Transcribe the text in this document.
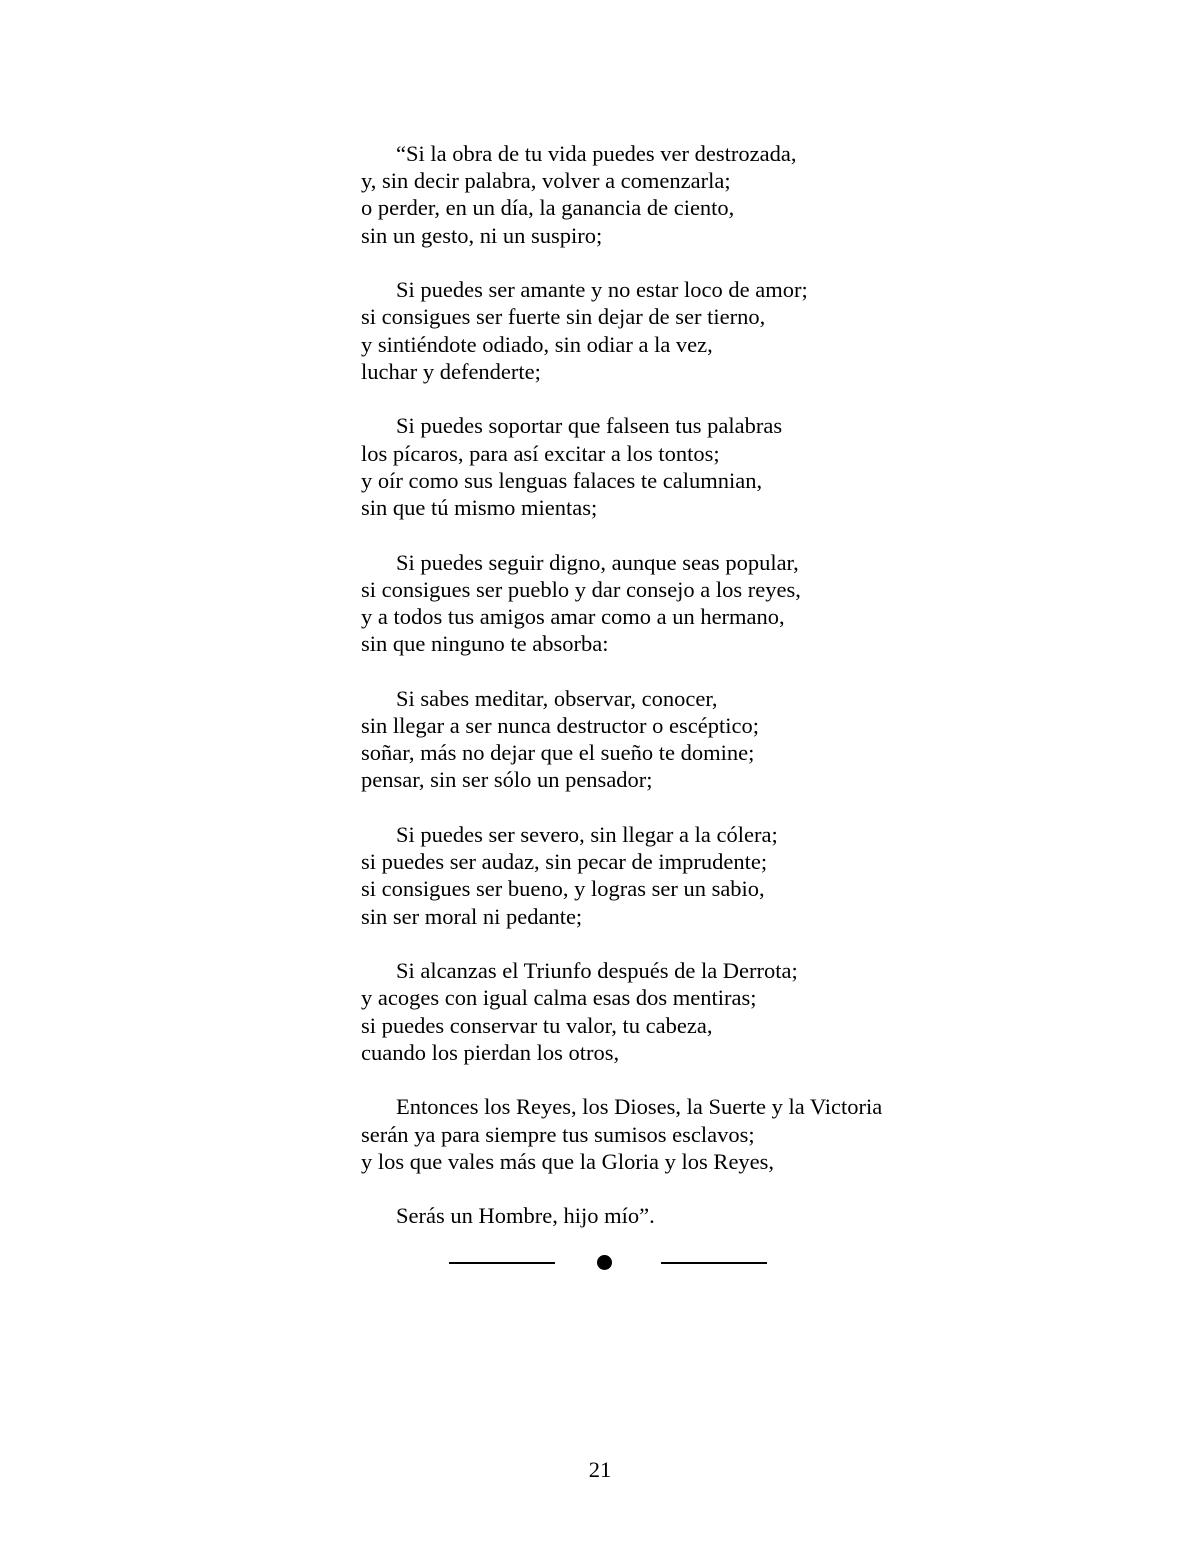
“Si la obra de tu vida puedes ver destrozada,
y, sin decir palabra, volver a comenzarla;
o perder, en un día, la ganancia de ciento,
sin un gesto, ni un suspiro;
Si puedes ser amante y no estar loco de amor;
si consigues ser fuerte sin dejar de ser tierno,
y sintiéndote odiado, sin odiar a la vez,
luchar y defenderte;
Si puedes soportar que falseen tus palabras
los pícaros, para así excitar a los tontos;
y oír como sus lenguas falaces te calumnian,
sin que tú mismo mientas;
Si puedes seguir digno, aunque seas popular,
si consigues ser pueblo y dar consejo a los reyes,
y a todos tus amigos amar como a un hermano,
sin que ninguno te absorba:
Si sabes meditar, observar, conocer,
sin llegar a ser nunca destructor o escéptico;
soñar, más no dejar que el sueño te domine;
pensar, sin ser sólo un pensador;
Si puedes ser severo, sin llegar a la cólera;
si puedes ser audaz, sin pecar de imprudente;
si consigues ser bueno, y logras ser un sabio,
sin ser moral ni pedante;
Si alcanzas el Triunfo después de la Derrota;
y acoges con igual calma esas dos mentiras;
si puedes conservar tu valor, tu cabeza,
cuando los pierdan los otros,
Entonces los Reyes, los Dioses, la Suerte y la Victoria
serán ya para siempre tus sumisos esclavos;
y los que vales más que la Gloria y los Reyes,
Serás un Hombre, hijo mío”.
21
